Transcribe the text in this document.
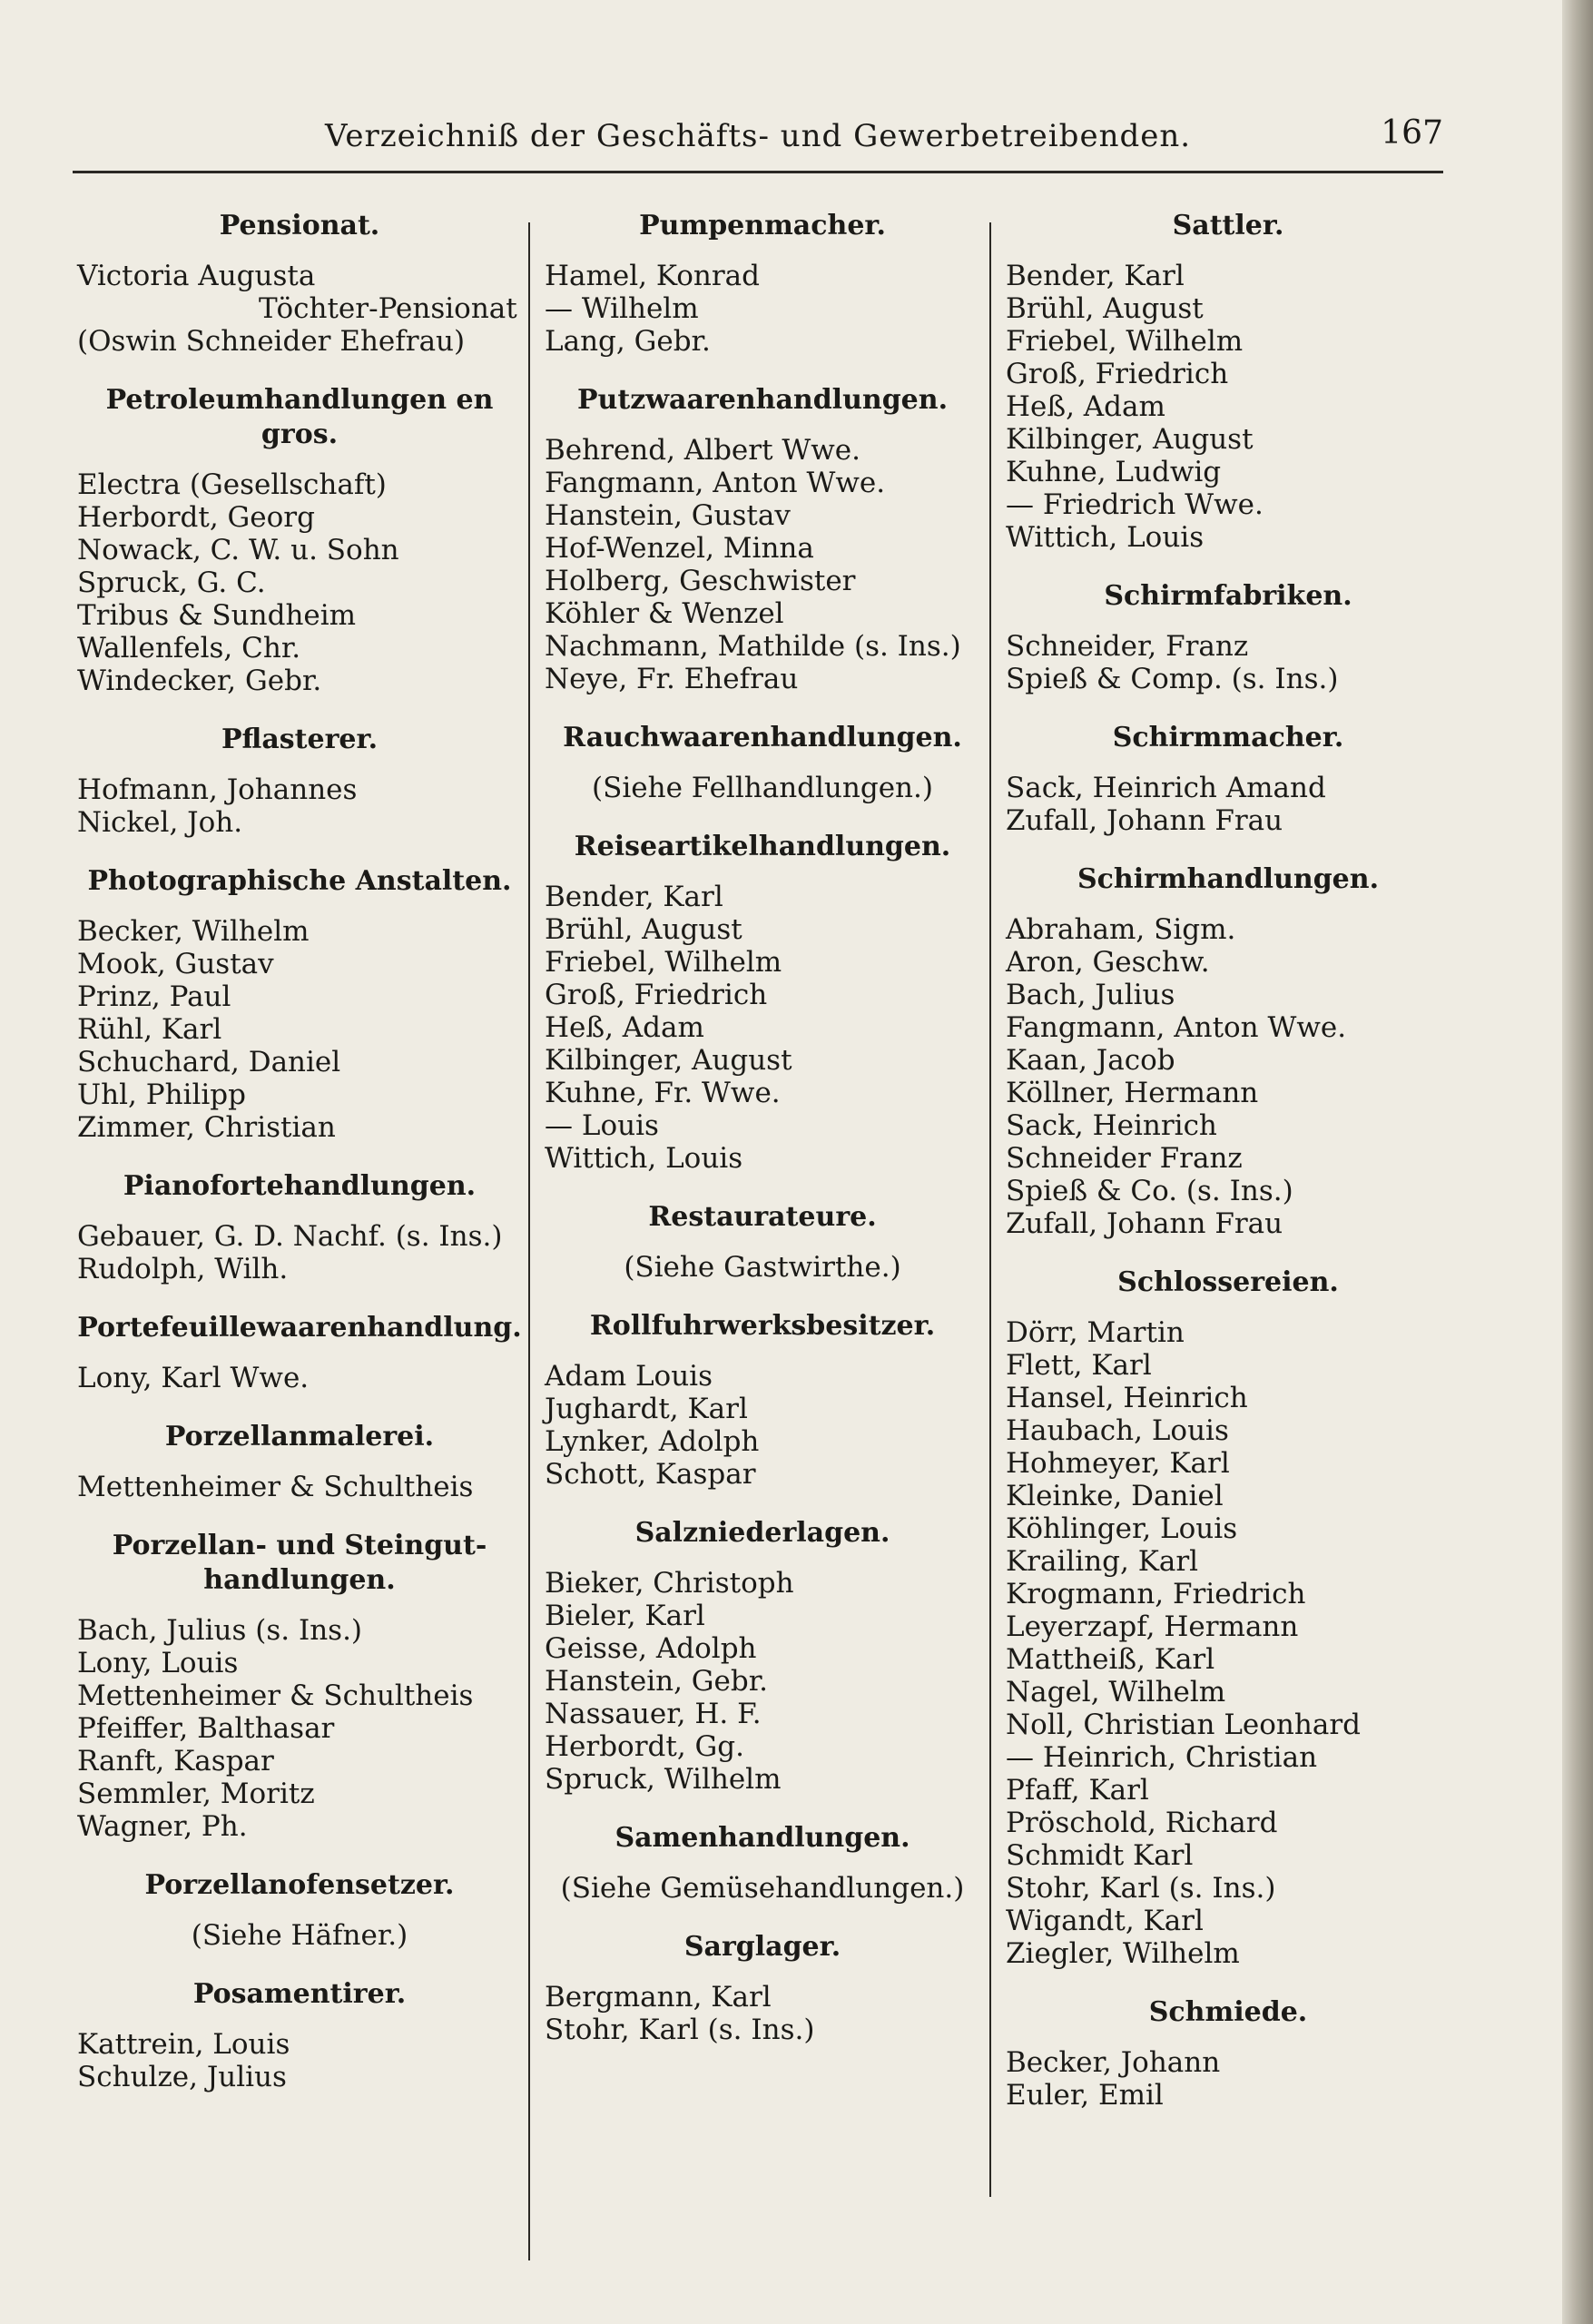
Verzeichniß der Geschäfts- und Gewerbetreibenden.	167
Pensionat.
Victoria Augusta
Töchter-Pensionat
(Oswin Schneider Ehefrau)
Petroleumhandlungen en gros.
Electra (Gesellschaft)
Herbordt, Georg
Nowack, C. W. u. Sohn
Spruck, G. C.
Tribus & Sundheim
Wallenfels, Chr.
Windecker, Gebr.
Pflasterer.
Hofmann, Johannes
Nickel, Joh.
Photographische Anstalten.
Becker, Wilhelm
Mook, Gustav
Prinz, Paul
Rühl, Karl
Schuchard, Daniel
Uhl, Philipp
Zimmer, Christian
Pianofortehandlungen.
Gebauer, G. D. Nachf. (s. Ins.)
Rudolph, Wilh.
Portefeuillewaarenhandlung.
Lony, Karl Wwe.
Porzellanmalerei.
Mettenheimer & Schultheis
Porzellan- und Steingut- handlungen.
Bach, Julius (s. Ins.)
Lony, Louis
Mettenheimer & Schultheis
Pfeiffer, Balthasar
Ranft, Kaspar
Semmler, Moritz
Wagner, Ph.
Porzellanofensetzer.
(Siehe Häfner.)
Posamentirer.
Kattrein, Louis
Schulze, Julius
Pumpenmacher.
Hamel, Konrad
— Wilhelm
Lang, Gebr.
Putzwaarenhandlungen.
Behrend, Albert Wwe.
Fangmann, Anton Wwe.
Hanstein, Gustav
Hof-Wenzel, Minna
Holberg, Geschwister
Köhler & Wenzel
Nachmann, Mathilde (s. Ins.)
Neye, Fr. Ehefrau
Rauchwaarenhandlungen.
(Siehe Fellhandlungen.)
Reiseartikelhandlungen.
Bender, Karl
Brühl, August
Friebel, Wilhelm
Groß, Friedrich
Heß, Adam
Kilbinger, August
Kuhne, Fr. Wwe.
— Louis
Wittich, Louis
Restaurateure.
(Siehe Gastwirthe.)
Rollfuhrwerksbesitzer.
Adam Louis
Jughardt, Karl
Lynker, Adolph
Schott, Kaspar
Salzniederlagen.
Bieker, Christoph
Bieler, Karl
Geisse, Adolph
Hanstein, Gebr.
Nassauer, H. F.
Herbordt, Gg.
Spruck, Wilhelm
Samenhandlungen.
(Siehe Gemüsehandlungen.)
Sarglager.
Bergmann, Karl
Stohr, Karl (s. Ins.)
Sattler.
Bender, Karl
Brühl, August
Friebel, Wilhelm
Groß, Friedrich
Heß, Adam
Kilbinger, August
Kuhne, Ludwig
— Friedrich Wwe.
Wittich, Louis
Schirmfabriken.
Schneider, Franz
Spieß & Comp. (s. Ins.)
Schirmmacher.
Sack, Heinrich Amand
Zufall, Johann Frau
Schirmhandlungen.
Abraham, Sigm.
Aron, Geschw.
Bach, Julius
Fangmann, Anton Wwe.
Kaan, Jacob
Köllner, Hermann
Sack, Heinrich
Schneider Franz
Spieß & Co. (s. Ins.)
Zufall, Johann Frau
Schlossereien.
Dörr, Martin
Flett, Karl
Hansel, Heinrich
Haubach, Louis
Hohmeyer, Karl
Kleinke, Daniel
Köhlinger, Louis
Krailing, Karl
Krogmann, Friedrich
Leyerzapf, Hermann
Mattheiß, Karl
Nagel, Wilhelm
Noll, Christian Leonhard
— Heinrich, Christian
Pfaff, Karl
Pröschold, Richard
Schmidt Karl
Stohr, Karl (s. Ins.)
Wigandt, Karl
Ziegler, Wilhelm
Schmiede.
Becker, Johann
Euler, Emil
